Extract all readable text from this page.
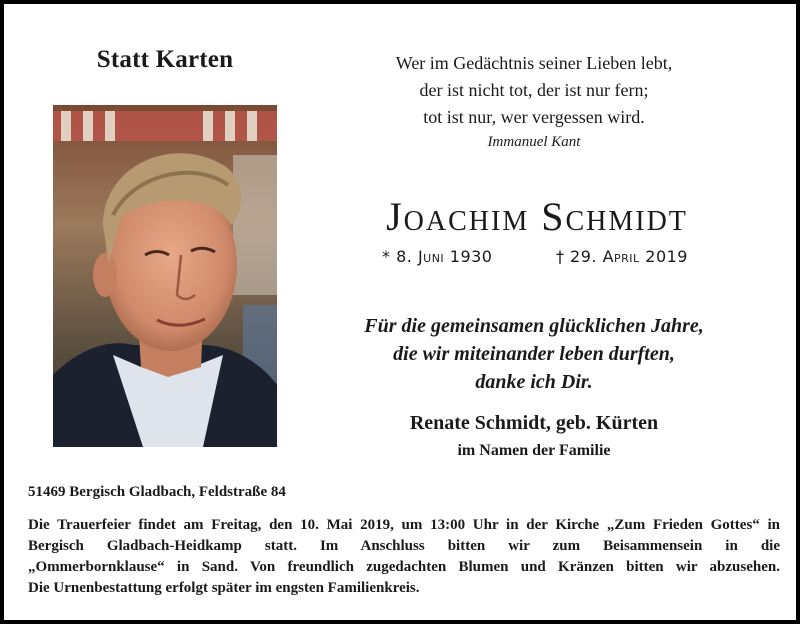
Statt Karten	Wer im Gedächtnis seiner Lieben lebt,
der ist nicht tot, der ist nur fern;
tot ist nur, wer vergessen wird.
Immanuel Kant
Joachim Schmidt
* 8. Juni 1930	† 29. April 2019
Für die gemeinsamen glücklichen Jahre,
die wir miteinander leben durften,
danke ich Dir.
Renate Schmidt, geb. Kürten
im Namen der Familie
51469 Bergisch Gladbach, Feldstraße 84
Die Trauerfeier findet am Freitag, den 10. Mai 2019, um 13:00 Uhr in der Kirche „Zum Frieden Gottes“ in
Bergisch Gladbach-Heidkamp statt. Im Anschluss bitten wir zum Beisammensein in die
„Ommerbornklause“ in Sand. Von freundlich zugedachten Blumen und Kränzen bitten wir abzusehen.
Die Urnenbestattung erfolgt später im engsten Familienkreis.
